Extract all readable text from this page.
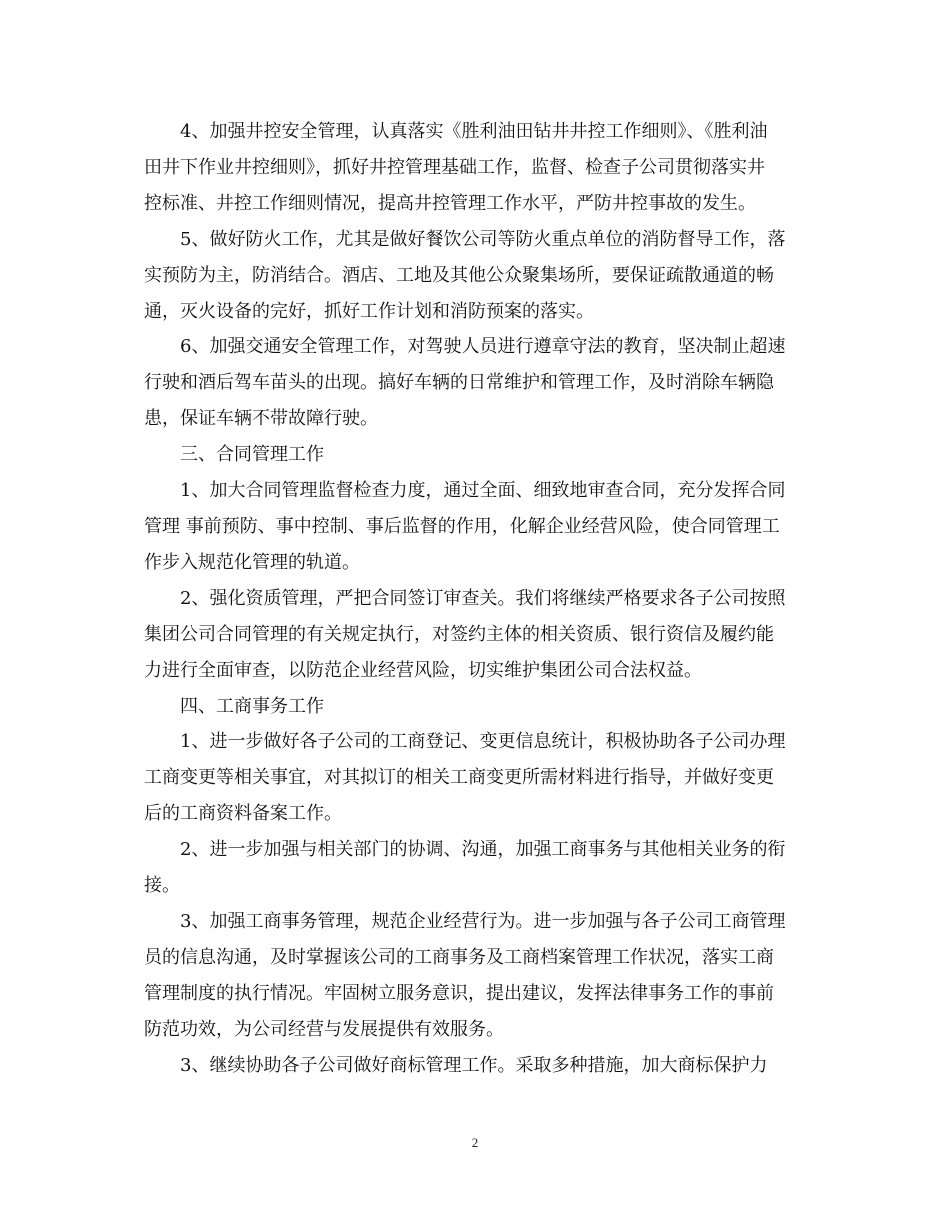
4、加强井控安全管理，认真落实《胜利油田钻井井控工作细则》、《胜利油
田井下作业井控细则》，抓好井控管理基础工作，监督、检查子公司贯彻落实井
控标准、井控工作细则情况，提高井控管理工作水平，严防井控事故的发生。

5、做好防火工作，尤其是做好餐饮公司等防火重点单位的消防督导工作，落
实预防为主，防消结合。酒店、工地及其他公众聚集场所，要保证疏散通道的畅
通，灭火设备的完好，抓好工作计划和消防预案的落实。

6、加强交通安全管理工作，对驾驶人员进行遵章守法的教育，坚决制止超速
行驶和酒后驾车苗头的出现。搞好车辆的日常维护和管理工作，及时消除车辆隐
患，保证车辆不带故障行驶。

三、合同管理工作

1、加大合同管理监督检查力度，通过全面、细致地审查合同，充分发挥合同
管理 事前预防、事中控制、事后监督的作用，化解企业经营风险，使合同管理工
作步入规范化管理的轨道。

2、强化资质管理，严把合同签订审查关。我们将继续严格要求各子公司按照
集团公司合同管理的有关规定执行，对签约主体的相关资质、银行资信及履约能
力进行全面审查，以防范企业经营风险，切实维护集团公司合法权益。

四、工商事务工作

1、进一步做好各子公司的工商登记、变更信息统计，积极协助各子公司办理
工商变更等相关事宜，对其拟订的相关工商变更所需材料进行指导，并做好变更
后的工商资料备案工作。

2、进一步加强与相关部门的协调、沟通，加强工商事务与其他相关业务的衔
接。

3、加强工商事务管理，规范企业经营行为。进一步加强与各子公司工商管理
员的信息沟通，及时掌握该公司的工商事务及工商档案管理工作状况，落实工商
管理制度的执行情况。牢固树立服务意识，提出建议，发挥法律事务工作的事前
防范功效，为公司经营与发展提供有效服务。

3、继续协助各子公司做好商标管理工作。采取多种措施，加大商标保护力

2
